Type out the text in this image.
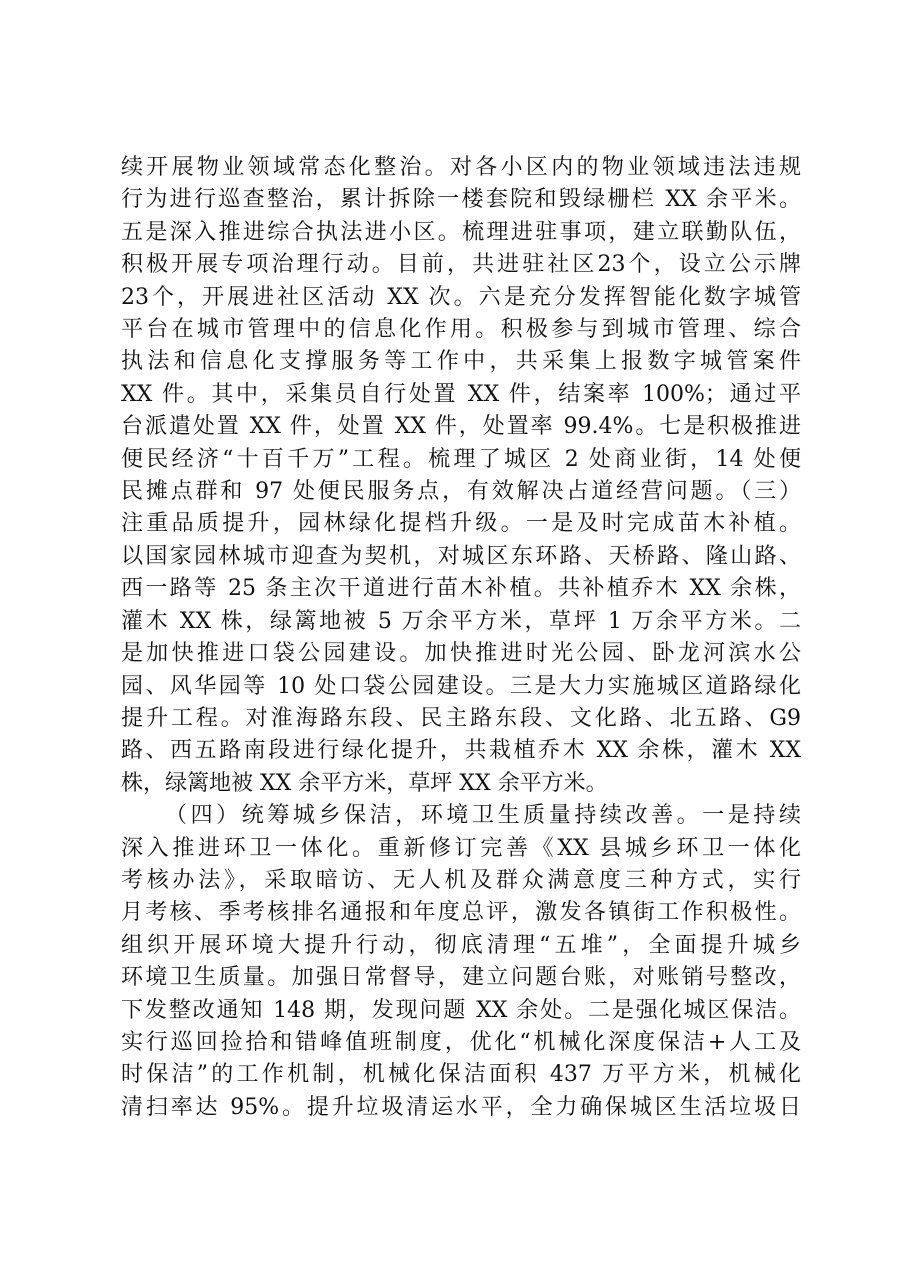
续开展物业领域常态化整治。对各小区内的物业领域违法违规
行为进行巡查整治，累计拆除一楼套院和毁绿栅栏 XX 余平米。
五是深入推进综合执法进小区。梳理进驻事项，建立联勤队伍，
积极开展专项治理行动。目前，共进驻社区23个，设立公示牌
23个，开展进社区活动 XX 次。六是充分发挥智能化数字城管
平台在城市管理中的信息化作用。积极参与到城市管理、综合
执法和信息化支撑服务等工作中，共采集上报数字城管案件
XX 件。其中，采集员自行处置 XX 件，结案率 100%；通过平
台派遣处置 XX 件，处置 XX 件，处置率 99.4%。七是积极推进
便民经济“十百千万”工程。梳理了城区 2 处商业街，14 处便
民摊点群和 97 处便民服务点，有效解决占道经营问题。（三）
注重品质提升，园林绿化提档升级。一是及时完成苗木补植。
以国家园林城市迎查为契机，对城区东环路、天桥路、隆山路、
西一路等 25 条主次干道进行苗木补植。共补植乔木 XX 余株，
灌木 XX 株，绿篱地被 5 万余平方米，草坪 1 万余平方米。二
是加快推进口袋公园建设。加快推进时光公园、卧龙河滨水公
园、风华园等 10 处口袋公园建设。三是大力实施城区道路绿化
提升工程。对淮海路东段、民主路东段、文化路、北五路、G9
路、西五路南段进行绿化提升，共栽植乔木 XX 余株，灌木 XX
株，绿篱地被 XX 余平方米，草坪 XX 余平方米。
（四）统筹城乡保洁，环境卫生质量持续改善。一是持续
深入推进环卫一体化。重新修订完善《XX 县城乡环卫一体化
考核办法》，采取暗访、无人机及群众满意度三种方式，实行
月考核、季考核排名通报和年度总评，激发各镇街工作积极性。
组织开展环境大提升行动，彻底清理“五堆”，全面提升城乡
环境卫生质量。加强日常督导，建立问题台账，对账销号整改，
下发整改通知 148 期，发现问题 XX 余处。二是强化城区保洁。
实行巡回捡拾和错峰值班制度，优化“机械化深度保洁+人工及
时保洁”的工作机制，机械化保洁面积 437 万平方米，机械化
清扫率达 95%。提升垃圾清运水平，全力确保城区生活垃圾日
